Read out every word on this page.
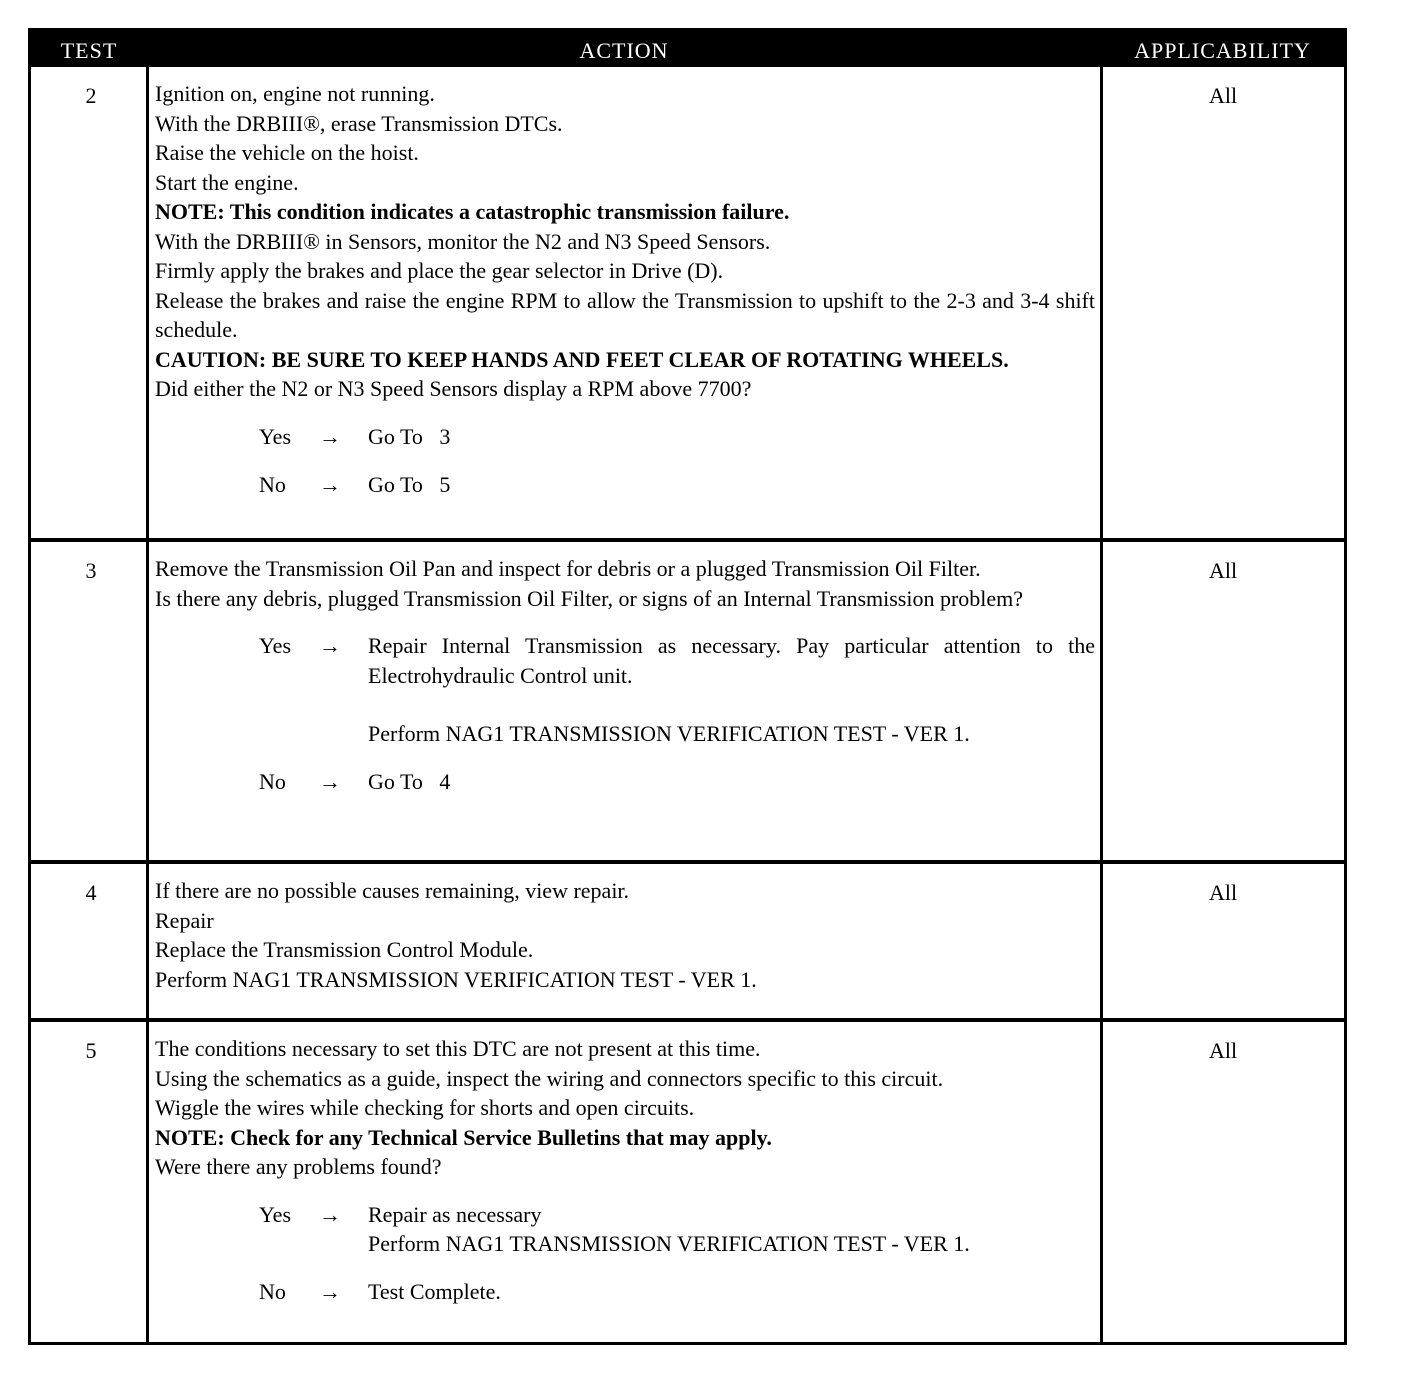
TEST	ACTION	APPLICABILITY
2	Ignition on, engine not running.

With the DRBIII®, erase Transmission DTCs.

Raise the vehicle on the hoist.

Start the engine.

NOTE: This condition indicates a catastrophic transmission failure.

With the DRBIII® in Sensors, monitor the N2 and N3 Speed Sensors.

Firmly apply the brakes and place the gear selector in Drive (D).

Release the brakes and raise the engine RPM to allow the Transmission to upshift to the 2-3 and 3-4 shift schedule.

CAUTION: BE SURE TO KEEP HANDS AND FEET CLEAR OF ROTATING WHEELS.

Did either the N2 or N3 Speed Sensors display a RPM above 7700?

Yes → Go To   3
No → Go To   5
All
3	Remove the Transmission Oil Pan and inspect for debris or a plugged Transmission Oil Filter.

Is there any debris, plugged Transmission Oil Filter, or signs of an Internal Transmission problem?

Yes → Repair Internal Transmission as necessary. Pay particular attention to the Electrohydraulic Control unit.
Perform NAG1 TRANSMISSION VERIFICATION TEST - VER 1.
No → Go To   4
All
4	If there are no possible causes remaining, view repair.

Repair

Replace the Transmission Control Module.

Perform NAG1 TRANSMISSION VERIFICATION TEST - VER 1.

All
5	The conditions necessary to set this DTC are not present at this time.

Using the schematics as a guide, inspect the wiring and connectors specific to this circuit.

Wiggle the wires while checking for shorts and open circuits.

NOTE: Check for any Technical Service Bulletins that may apply.

Were there any problems found?

Yes → Repair as necessary
Perform NAG1 TRANSMISSION VERIFICATION TEST - VER 1.
No → Test Complete.
All
